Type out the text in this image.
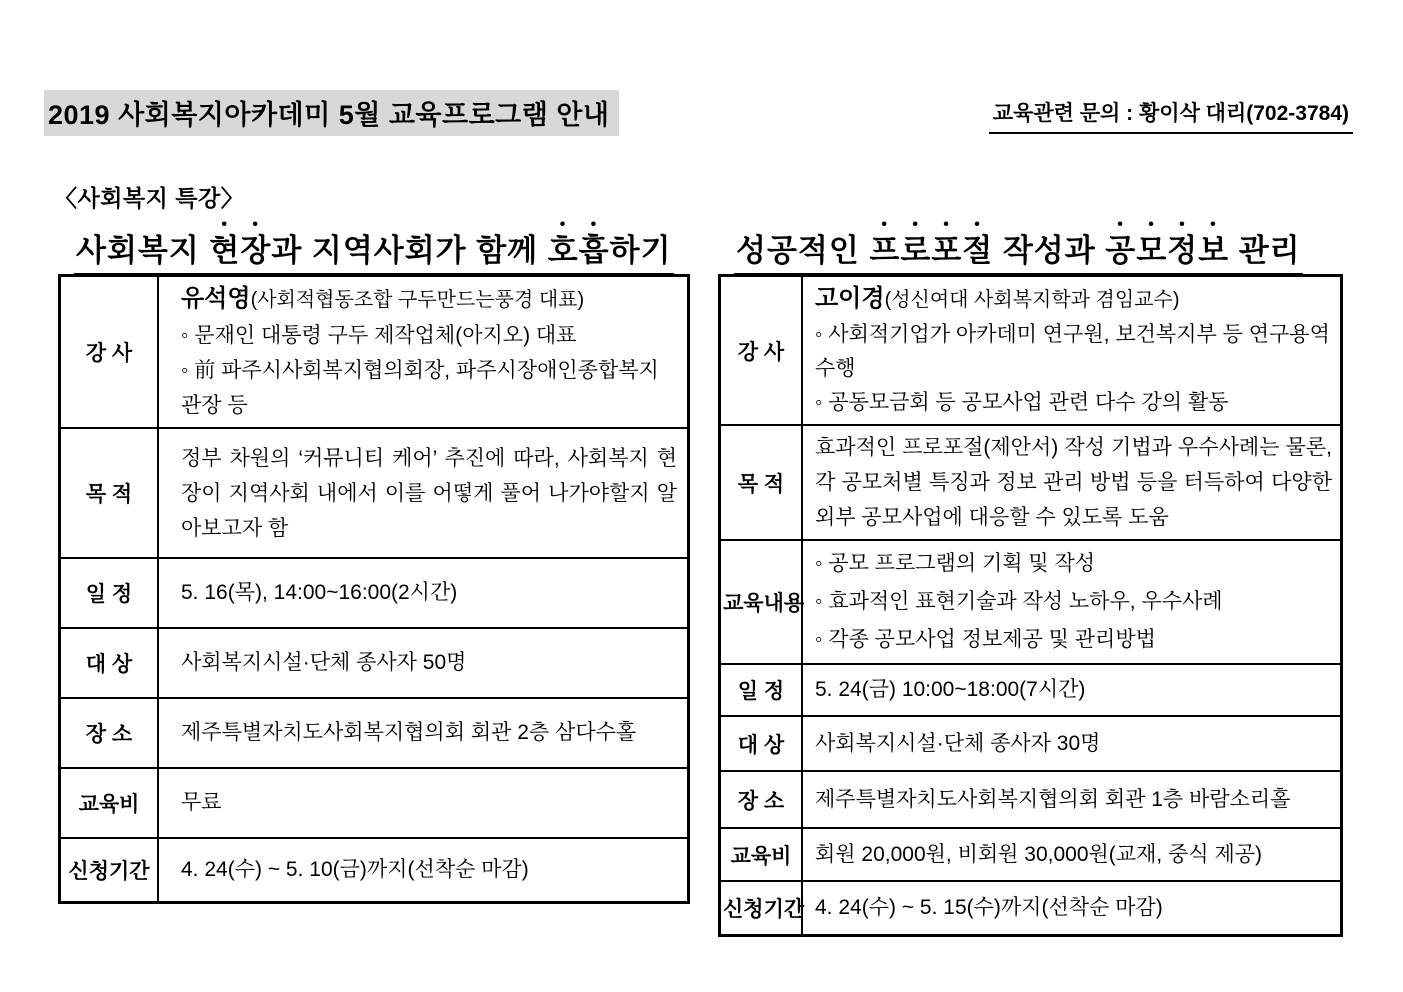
2019 사회복지아카데미 5월 교육프로그램 안내	교육관련 문의 : 황이삭 대리(702-3784)
〈사회복지 특강〉
사회복지 현장과 지역사회가 함께 호흡하기 성공적인 프로포절 작성과 공모정보 관리
강 사	유석영(사회적협동조합 구두만드는풍경 대표)
◦ 문재인 대통령 구두 제작업체(아지오) 대표
◦ 前 파주시사회복지협의회장, 파주시장애인종합복지관장 등

목 적	정부 차원의 ‘커뮤니티 케어’ 추진에 따라, 사회복지 현장이 지역사회 내에서 이를 어떻게 풀어 나가야할지 알아보고자 함
일 정	5. 16(목), 14:00~16:00(2시간)
대 상	사회복지시설·단체 종사자 50명
장 소	제주특별자치도사회복지협의회 회관 2층 삼다수홀
교육비	무료
신청기간	4. 24(수) ~ 5. 10(금)까지(선착순 마감)
강 사	고이경(성신여대 사회복지학과 겸임교수)
◦ 사회적기업가 아카데미 연구원, 보건복지부 등 연구용역 수행
◦ 공동모금회 등 공모사업 관련 다수 강의 활동

목 적	효과적인 프로포절(제안서) 작성 기법과 우수사례는 물론, 각 공모처별 특징과 정보 관리 방법 등을 터득하여 다양한 외부 공모사업에 대응할 수 있도록 도움
교육내용	◦ 공모 프로그램의 기획 및 작성
◦ 효과적인 표현기술과 작성 노하우, 우수사례
◦ 각종 공모사업 정보제공 및 관리방법

일 정	5. 24(금) 10:00~18:00(7시간)
대 상	사회복지시설·단체 종사자 30명
장 소	제주특별자치도사회복지협의회 회관 1층 바람소리홀
교육비	회원 20,000원, 비회원 30,000원(교재, 중식 제공)
신청기간	4. 24(수) ~ 5. 15(수)까지(선착순 마감)
